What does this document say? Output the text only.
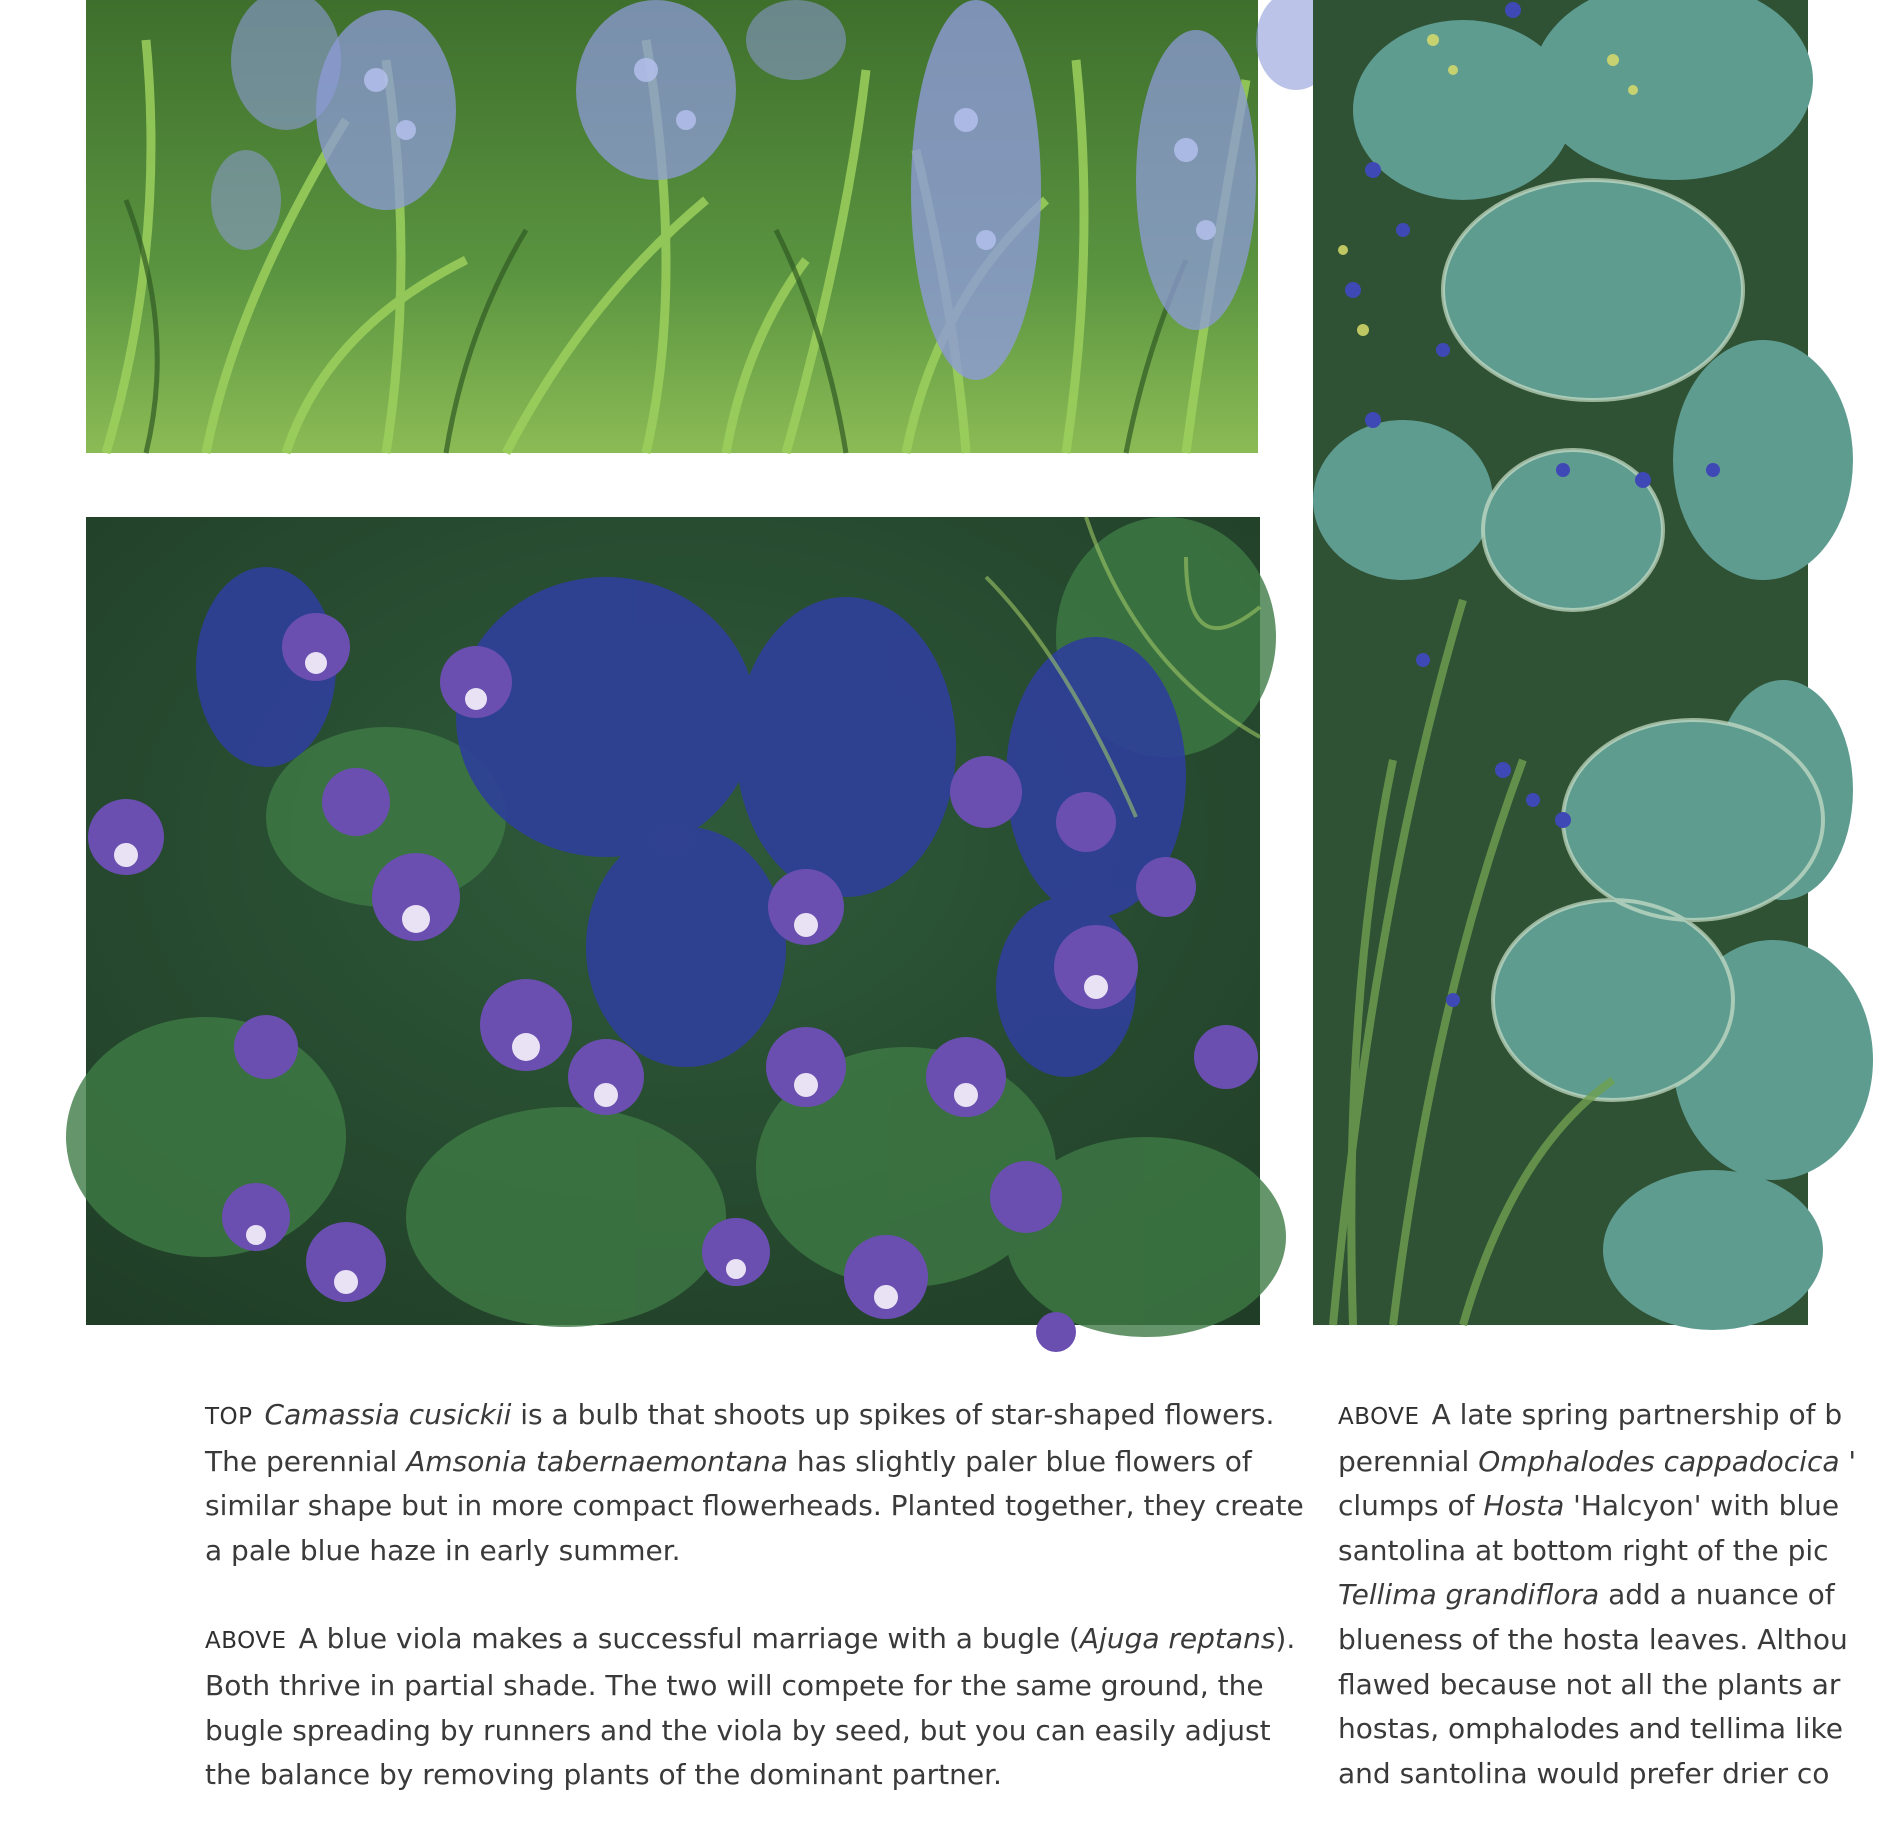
TOP Camassia cusickii is a bulb that shoots up spikes of star-shaped flowers.
The perennial Amsonia tabernaemontana has slightly paler blue flowers of
similar shape but in more compact flowerheads. Planted together, they create
a pale blue haze in early summer.
ABOVE A blue viola makes a successful marriage with a bugle (Ajuga reptans).
Both thrive in partial shade. The two will compete for the same ground, the
bugle spreading by runners and the viola by seed, but you can easily adjust
the balance by removing plants of the dominant partner.
ABOVE A late spring partnership of b
perennial Omphalodes cappadocica '
clumps of Hosta 'Halcyon' with blue
santolina at bottom right of the pic
Tellima grandiflora add a nuance of
blueness of the hosta leaves. Althou
flawed because not all the plants ar
hostas, omphalodes and tellima like
and santolina would prefer drier co
